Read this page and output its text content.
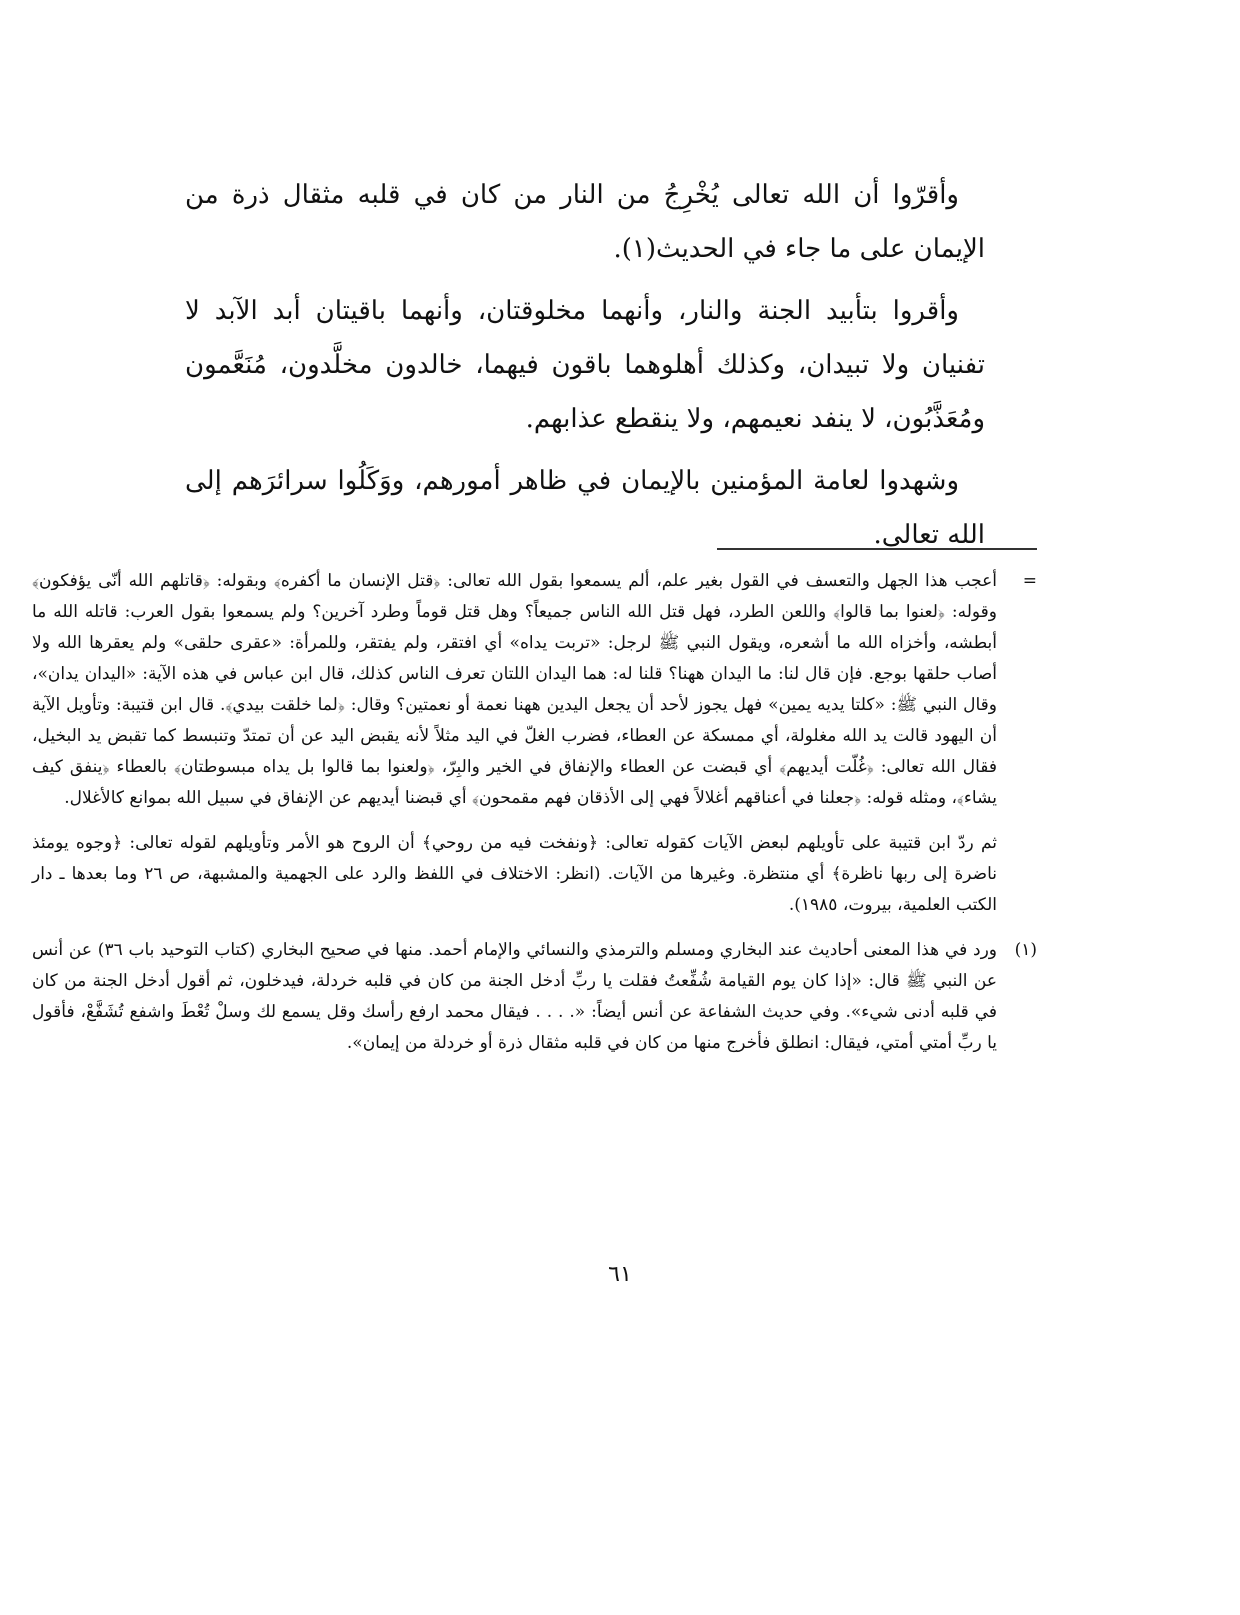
وأقرّوا أن الله تعالى يُخْرِجُ من النار من كان في قلبه مثقال ذرة من الإيمان على ما جاء في الحديث(١).

وأقروا بتأبيد الجنة والنار، وأنهما مخلوقتان، وأنهما باقيتان أبد الآبد لا تفنيان ولا تبيدان، وكذلك أهلوهما باقون فيهما، خالدون مخلَّدون، مُنَعَّمون ومُعَذَّبُون، لا ينفد نعيمهم، ولا ينقطع عذابهم.

وشهدوا لعامة المؤمنين بالإيمان في ظاهر أمورهم، ووَكَلُوا سرائرَهم إلى الله تعالى.

=

أعجب هذا الجهل والتعسف في القول بغير علم، ألم يسمعوا بقول الله تعالى: ﴿قتل الإنسان ما أكفره﴾ وبقوله: ﴿قاتلهم الله أنّى يؤفكون﴾ وقوله: ﴿لعنوا بما قالوا﴾ واللعن الطرد، فهل قتل الله الناس جميعاً؟ وهل قتل قوماً وطرد آخرين؟ ولم يسمعوا بقول العرب: قاتله الله ما أبطشه، وأخزاه الله ما أشعره، ويقول النبي ﷺ لرجل: «تربت يداه» أي افتقر، ولم يفتقر، وللمرأة: «عقرى حلقى» ولم يعقرها الله ولا أصاب حلقها بوجع. فإن قال لنا: ما اليدان ههنا؟ قلنا له: هما اليدان اللتان تعرف الناس كذلك، قال ابن عباس في هذه الآية: «اليدان يدان»، وقال النبي ﷺ: «كلتا يديه يمين» فهل يجوز لأحد أن يجعل اليدين ههنا نعمة أو نعمتين؟ وقال: ﴿لما خلقت بيدي﴾. قال ابن قتيبة: وتأويل الآية أن اليهود قالت يد الله مغلولة، أي ممسكة عن العطاء، فضرب الغلّ في اليد مثلاً لأنه يقبض اليد عن أن تمتدّ وتنبسط كما تقبض يد البخيل، فقال الله تعالى: ﴿غُلّت أيديهم﴾ أي قبضت عن العطاء والإنفاق في الخير والبِرّ، ﴿ولعنوا بما قالوا بل يداه مبسوطتان﴾ بالعطاء ﴿ينفق كيف يشاء﴾، ومثله قوله: ﴿جعلنا في أعناقهم أغلالاً فهي إلى الأذقان فهم مقمحون﴾ أي قبضنا أيديهم عن الإنفاق في سبيل الله بموانع كالأغلال.

ثم ردّ ابن قتيبة على تأويلهم لبعض الآيات كقوله تعالى: ﴿ونفخت فيه من روحي﴾ أن الروح هو الأمر وتأويلهم لقوله تعالى: ﴿وجوه يومئذ ناضرة إلى ربها ناظرة﴾ أي منتظرة. وغيرها من الآيات. (انظر: الاختلاف في اللفظ والرد على الجهمية والمشبهة، ص ٢٦ وما بعدها ـ دار الكتب العلمية، بيروت، ١٩٨٥).

(١)

ورد في هذا المعنى أحاديث عند البخاري ومسلم والترمذي والنسائي والإمام أحمد. منها في صحيح البخاري (كتاب التوحيد باب ٣٦) عن أنس عن النبي ﷺ قال: «إذا كان يوم القيامة شُفِّعتُ فقلت يا ربِّ أدخل الجنة من كان في قلبه خردلة، فيدخلون، ثم أقول أدخل الجنة من كان في قلبه أدنى شيء». وفي حديث الشفاعة عن أنس أيضاً: «. . . . فيقال محمد ارفع رأسك وقل يسمع لك وسلْ تُعْطَ واشفع تُشَفَّعْ، فأقول يا ربِّ أمتي أمتي، فيقال: انطلق فأخرج منها من كان في قلبه مثقال ذرة أو خردلة من إيمان».

٦١
